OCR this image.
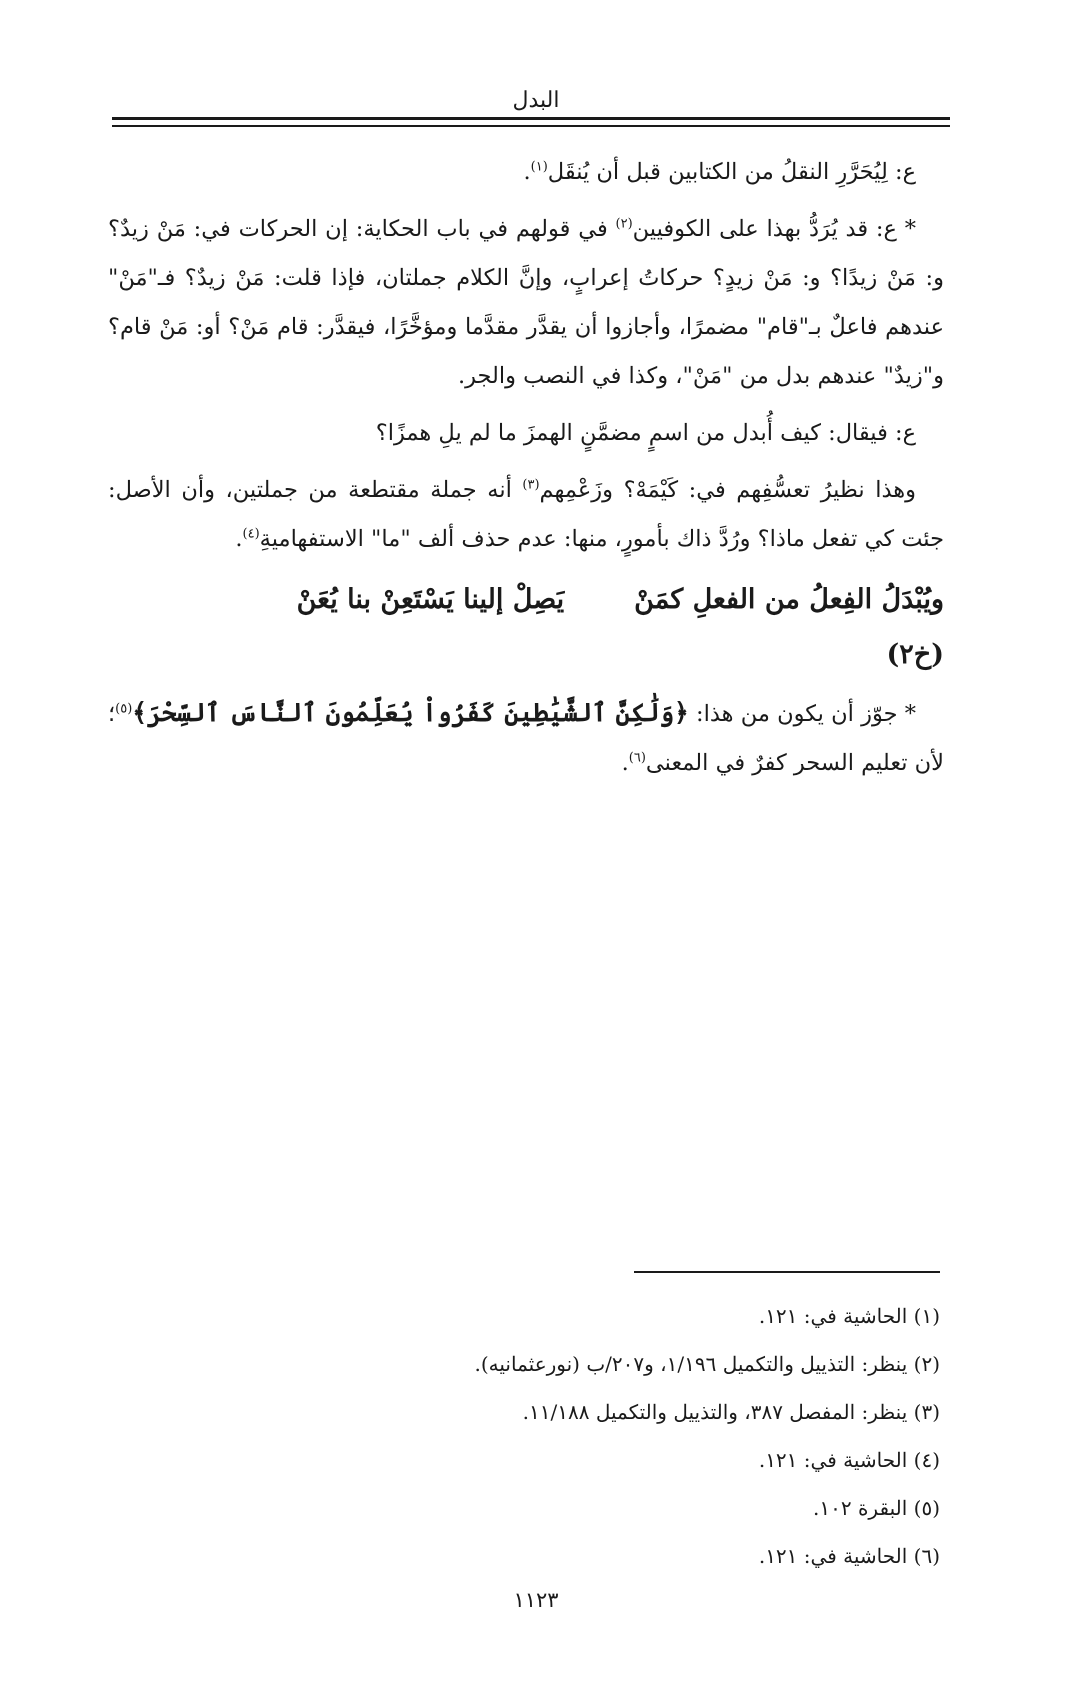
البدل

ع: لِيُحَرَّرِ النقلُ من الكتابين قبل أن يُنقَل$^{(١)}$.

* ع: قد يُرَدُّ بهذا على الكوفيين$^{(٢)}$ في قولهم في باب الحكاية: إن الحركات في: مَنْ زيدٌ؟ و: مَنْ زيدًا؟ و: مَنْ زيدٍ؟ حركاتُ إعرابٍ، وإنَّ الكلام جملتان، فإذا قلت: مَنْ زيدٌ؟ فـ"مَنْ" عندهم فاعلٌ بـ"قام" مضمرًا، وأجازوا أن يقدَّر مقدَّما ومؤخَّرًا، فيقدَّر: قام مَنْ؟ أو: مَنْ قام؟ و"زيدٌ" عندهم بدل من "مَنْ"، وكذا في النصب والجر.

ع: فيقال: كيف أُبدل من اسمٍ مضمَّنٍ الهمزَ ما لم يلِ همزًا؟

وهذا نظيرُ تعسُّفِهم في: كَيْمَهْ؟ وزَعْمِهم$^{(٣)}$ أنه جملة مقتطعة من جملتين، وأن الأصل: جئت كي تفعل ماذا؟ ورُدَّ ذاك بأمورٍ، منها: عدم حذف ألف "ما" الاستفهاميةِ$^{(٤)}$.

ويُبْدَلُ الفِعلُ من الفعلِ كمَنْيَصِلْ إلينا يَسْتَعِنْ بنا يُعَنْ
(خ٢)

* جوّز أن يكون من هذا: ﴿وَلَٰكِنَّ ٱلشَّيَٰطِينَ كَفَرُواْ يُعَلِّمُونَ ٱلنَّاسَ ٱلسِّحْرَ﴾$^{(٥)}$؛ لأن تعليم السحر كفرٌ في المعنى$^{(٦)}$.

(١) الحاشية في: ١٢١.
(٢) ينظر: التذييل والتكميل ١/١٩٦، و٢٠٧/ب (نورعثمانيه).
(٣) ينظر: المفصل ٣٨٧، والتذييل والتكميل ١١/١٨٨.
(٤) الحاشية في: ١٢١.
(٥) البقرة ١٠٢.
(٦) الحاشية في: ١٢١.
١١٢٣
